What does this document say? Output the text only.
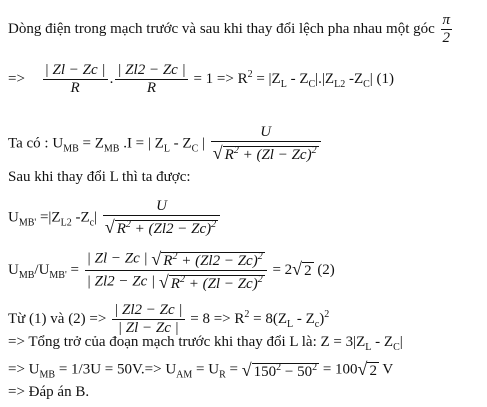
Dòng điện trong mạch trước và sau khi thay đổi lệch pha nhau một góc $\frac{\pi}{2}$
=> $\frac{| Zl - Zc |}{R}$ . $\frac{| Zl2 - Zc |}{R} = 1 => R^2 = |Z_L - Z_C|.|Z_{L2}$ $-Z_C|$ (1)
Ta có : $U_{MB} = Z_{MB}$ .I = | $Z_L - Z_C$ | $\frac{U}{√ R^2 + (Zl - Zc)^2}$
Sau khi thay đổi L thì ta được:
$U_{MB'} =|Z_{L2}$ $-Z_c| \frac{U}{√ R^2 + (Zl2 - Zc)^2}$
$U_{MB}/U_{MB'} = \frac{| Zl - Zc | √ R^2 + (Zl2 - Zc)^2}{| Zl2 - Zc | √ R^2 + (Zl - Zc)^2} = 2√$ 2 (2)
Từ (1) và $(2) => \frac{| Zl2 - Zc |}{| Zl - Zc |} = 8 => R^2 = 8(Z_L - Z_c)^2$
=> Tổng trở của đoạn mạch trước khi thay đổi L là: $Z = 3|Z_L - Z_C|$
=> $U_{MB} = 1/3U = 50V.=> U_{AM} = U_R$ = √ $150^2 - 50^2 = 100√$ 2 V
=> Đáp án B.
